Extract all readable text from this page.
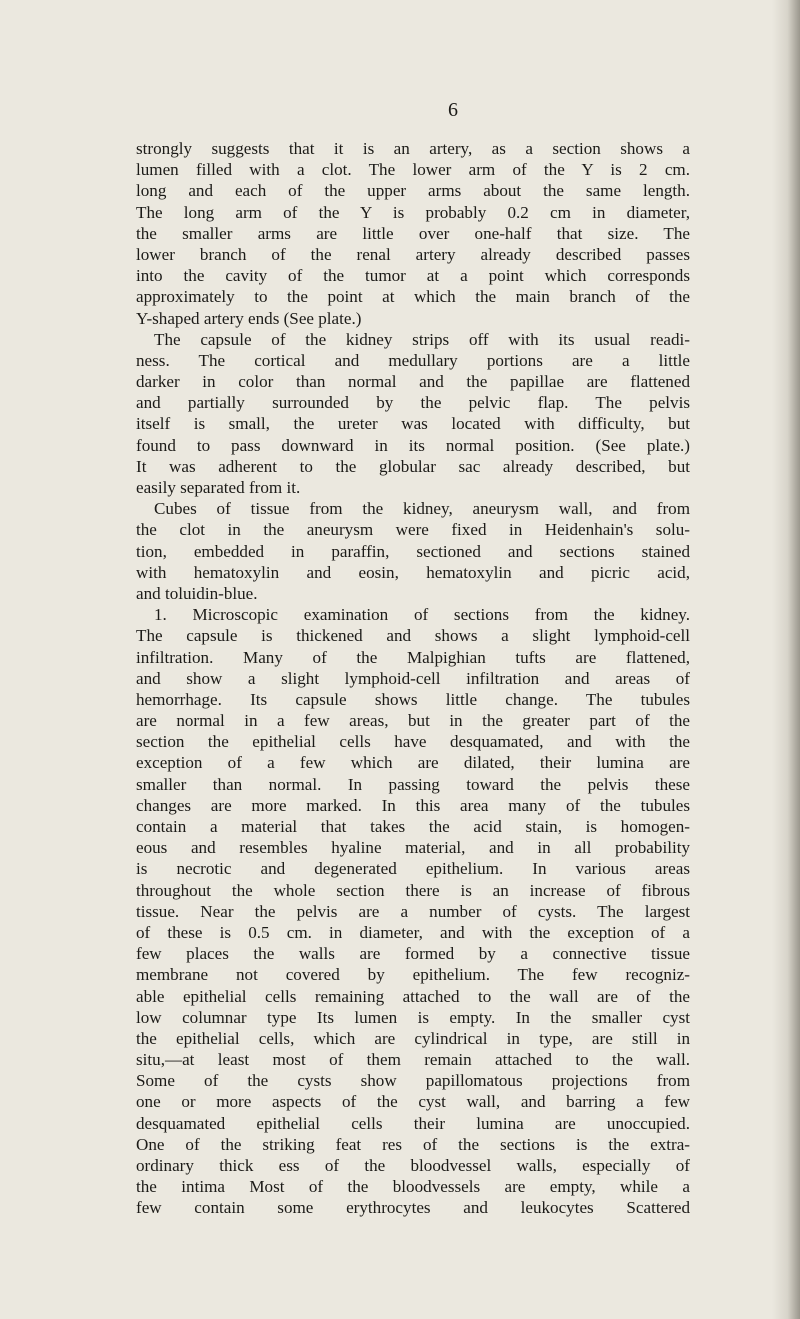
6
strongly suggests that it is an artery, as a section shows a
lumen filled with a clot. The lower arm of the Y is 2 cm.
long and each of the upper arms about the same length.
The long arm of the Y is probably 0.2 cm in diameter,
the smaller arms are little over one-half that size. The
lower branch of the renal artery already described passes
into the cavity of the tumor at a point which corresponds
approximately to the point at which the main branch of the
Y-shaped artery ends (See plate.)
The capsule of the kidney strips off with its usual readi-
ness. The cortical and medullary portions are a little
darker in color than normal and the papillae are flattened
and partially surrounded by the pelvic flap. The pelvis
itself is small, the ureter was located with difficulty, but
found to pass downward in its normal position. (See plate.)
It was adherent to the globular sac already described, but
easily separated from it.
Cubes of tissue from the kidney, aneurysm wall, and from
the clot in the aneurysm were fixed in Heidenhain's solu-
tion, embedded in paraffin, sectioned and sections stained
with hematoxylin and eosin, hematoxylin and picric acid,
and toluidin-blue.
1. Microscopic examination of sections from the kidney.
The capsule is thickened and shows a slight lymphoid-cell
infiltration. Many of the Malpighian tufts are flattened,
and show a slight lymphoid-cell infiltration and areas of
hemorrhage. Its capsule shows little change. The tubules
are normal in a few areas, but in the greater part of the
section the epithelial cells have desquamated, and with the
exception of a few which are dilated, their lumina are
smaller than normal. In passing toward the pelvis these
changes are more marked. In this area many of the tubules
contain a material that takes the acid stain, is homogen-
eous and resembles hyaline material, and in all probability
is necrotic and degenerated epithelium. In various areas
throughout the whole section there is an increase of fibrous
tissue. Near the pelvis are a number of cysts. The largest
of these is 0.5 cm. in diameter, and with the exception of a
few places the walls are formed by a connective tissue
membrane not covered by epithelium. The few recogniz-
able epithelial cells remaining attached to the wall are of the
low columnar type Its lumen is empty. In the smaller cyst
the epithelial cells, which are cylindrical in type, are still in
situ,—at least most of them remain attached to the wall.
Some of the cysts show papillomatous projections from
one or more aspects of the cyst wall, and barring a few
desquamated epithelial cells their lumina are unoccupied.
One of the striking feat res of the sections is the extra-
ordinary thick ess of the bloodvessel walls, especially of
the intima Most of the bloodvessels are empty, while a
few contain some erythrocytes and leukocytes Scattered
